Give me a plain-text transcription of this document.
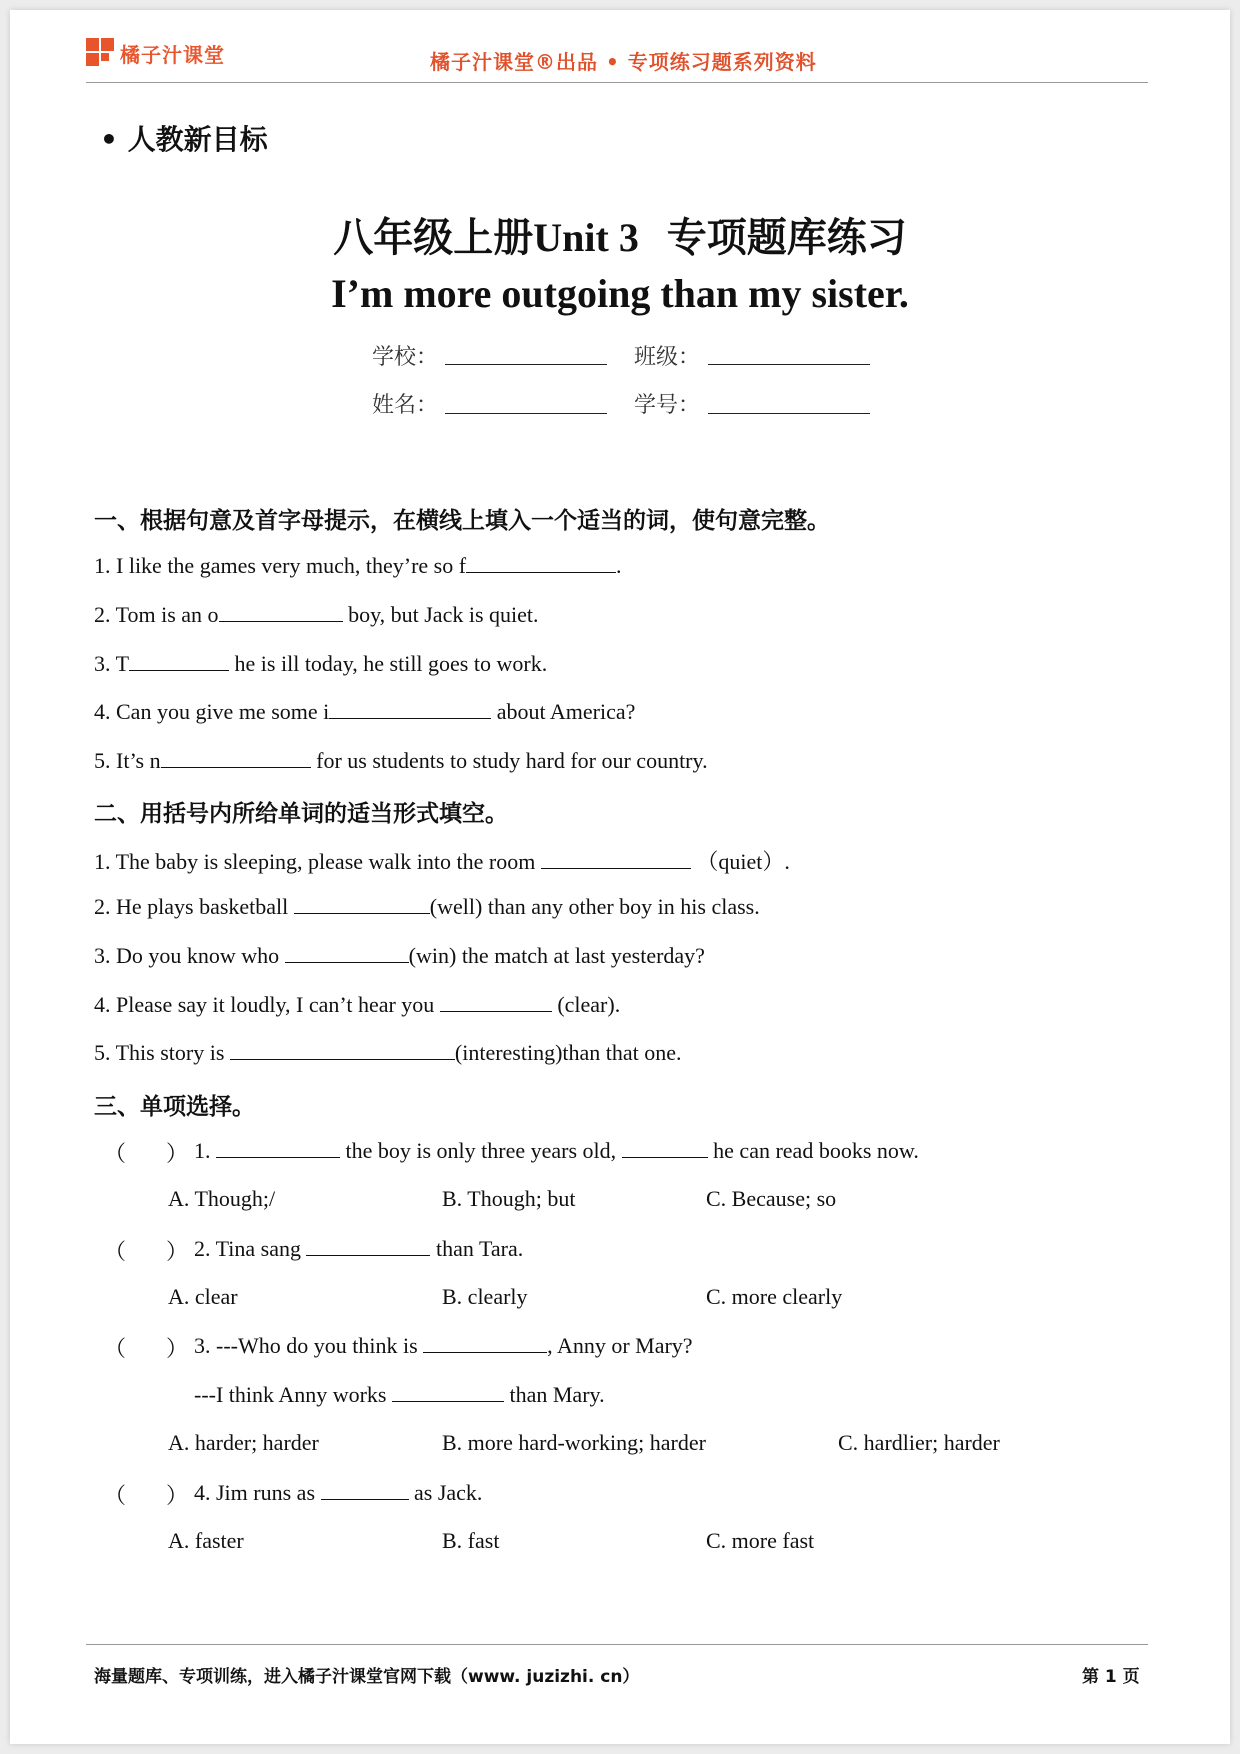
橘子汁课堂	橘子汁课堂®出品 • 专项练习题系列资料
• 人教新目标
八年级上册Unit 3 专项题库练习
I’m more outgoing than my sister.
学校：	班级：
姓名：	学号：
一、根据句意及首字母提示，在横线上填入一个适当的词，使句意完整。
1. I like the games very much, they’re so f	.
2. Tom is an o	boy, but Jack is quiet.
3. T	he is ill today, he still goes to work.
4. Can you give me some i	about America?
5. It’s n	for us students to study hard for our country.
二、用括号内所给单词的适当形式填空。
1. The baby is sleeping, please walk into the room	（quiet）.
2. He plays basketball	(well) than any other boy in his class.
3. Do you know who	(win) the match at last yesterday?
4. Please say it loudly, I can’t hear you	(clear).
5. This story is	(interesting)than that one.
三、单项选择。
（ ） 1.	the boy is only three years old,	he can read books now.
A. Though;/	B. Though; but	C. Because; so
（ ） 2. Tina sang	than Tara.
A. clear	B. clearly	C. more clearly
（ ） 3. ---Who do you think is	, Anny or Mary?
---I think Anny works	than Mary.
A. harder; harder	B. more hard-working; harder	C. hardlier; harder
（ ） 4. Jim runs as	as Jack.
A. faster	B. fast	C. more fast
海量题库、专项训练，进入橘子汁课堂官网下载（www. juzizhi. cn）	第 1 页
